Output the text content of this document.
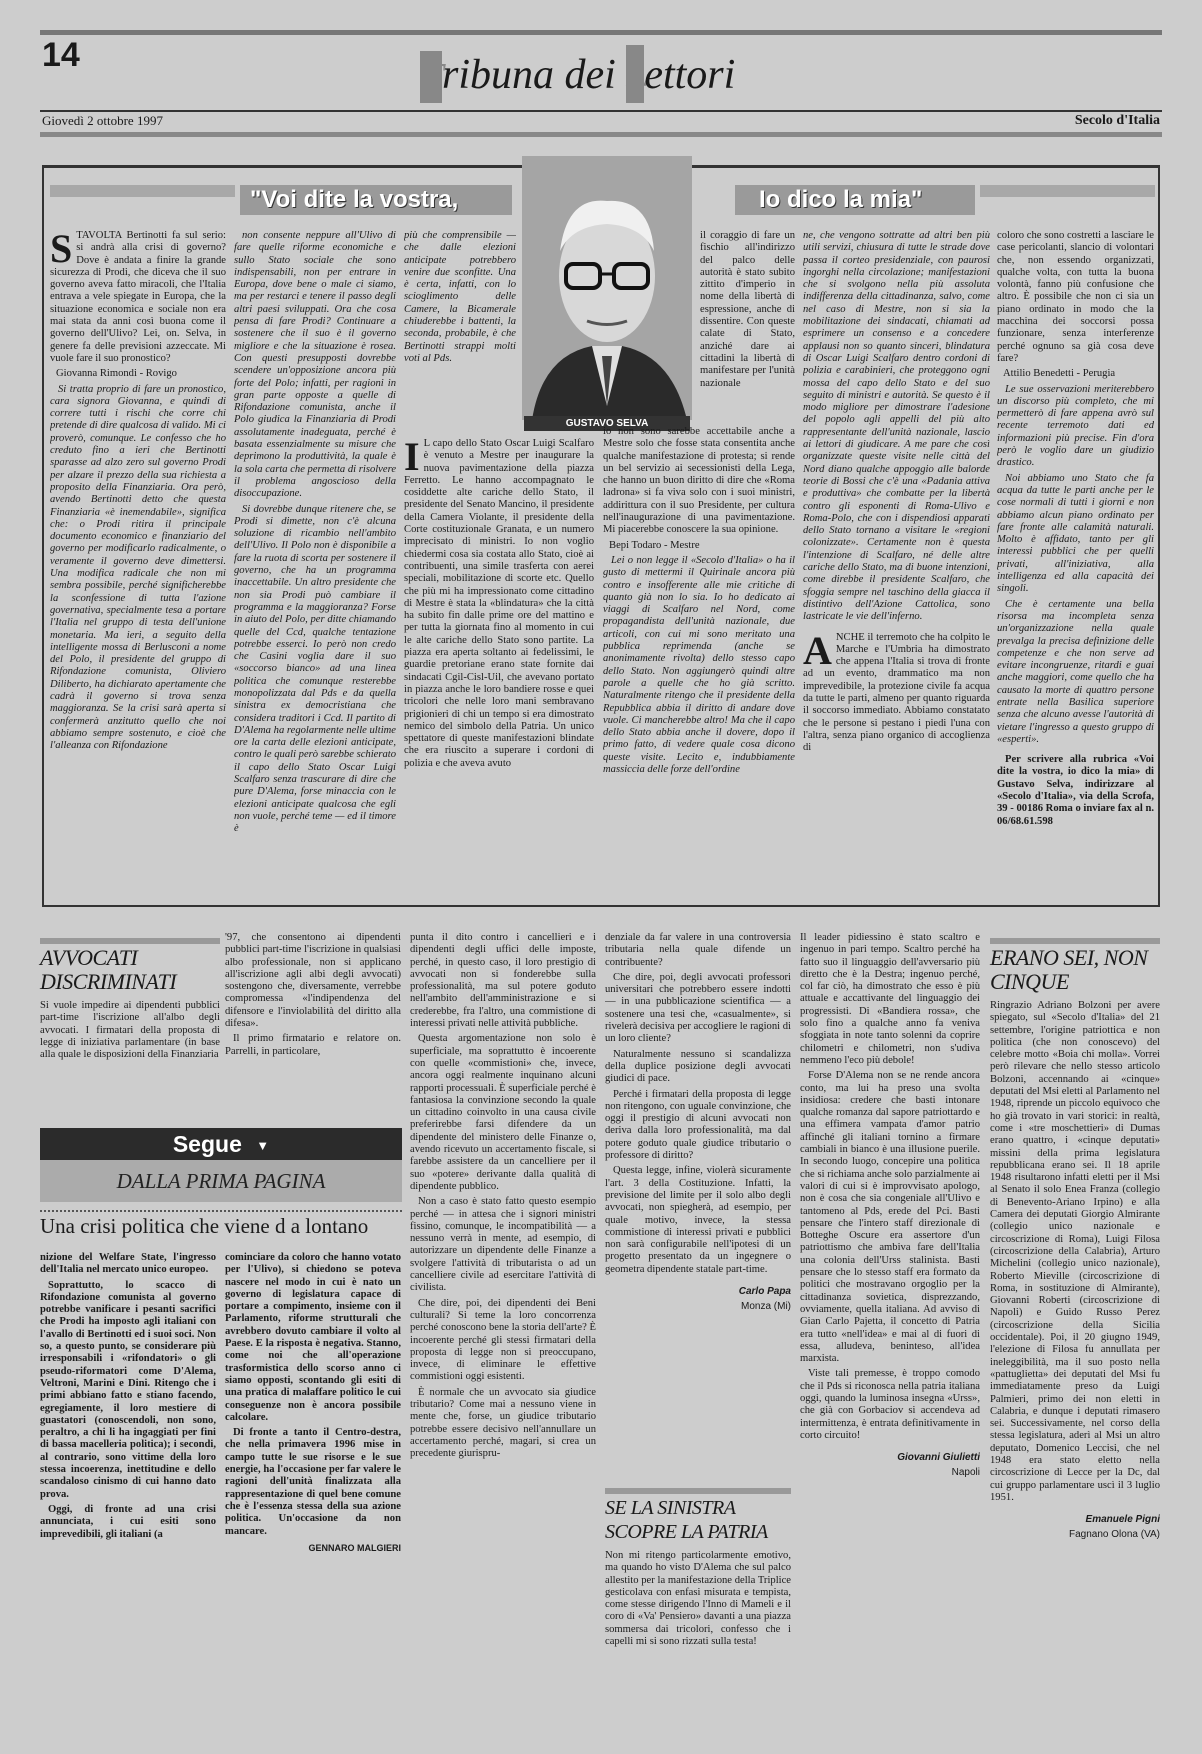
14
Tribuna dei Lettori
Giovedì 2 ottobre 1997	Secolo d'Italia
"Voi dite la vostra,	Io dico la mia"
GUSTAVO SELVA

STAVOLTA Bertinotti fa sul serio: si andrà alla crisi di governo? Dove è andata a finire la grande sicurezza di Prodi, che diceva che il suo governo aveva fatto miracoli, che l'Italia entrava a vele spiegate in Europa, che la situazione economica e sociale non era mai stata da anni così buona come il governo dell'Ulivo? Lei, on. Selva, in genere fa delle previsioni azzeccate. Mi vuole fare il suo pronostico?

Giovanna Rimondi - Rovigo

Si tratta proprio di fare un pronostico, cara signora Giovanna, e quindi di correre tutti i rischi che corre chi pretende di dire qualcosa di valido. Mi ci proverò, comunque. Le confesso che ho creduto fino a ieri che Bertinotti sparasse ad alzo zero sul governo Prodi per alzare il prezzo della sua richiesta a proposito della Finanziaria. Ora però, avendo Bertinotti detto che questa Finanziaria «è inemendabile», significa che: o Prodi ritira il principale documento economico e finanziario del governo per modificarlo radicalmente, o veramente il governo deve dimettersi. Una modifica radicale che non mi sembra possibile, perché significherebbe la sconfessione di tutta l'azione governativa, specialmente tesa a portare l'Italia nel gruppo di testa dell'unione monetaria. Ma ieri, a seguito della intelligente mossa di Berlusconi a nome del Polo, il presidente del gruppo di Rifondazione comunista, Oliviero Diliberto, ha dichiarato apertamente che cadrà il governo si trova senza maggioranza. Se la crisi sarà aperta si confermerà anzitutto quello che noi abbiamo sempre sostenuto, e cioè che l'alleanza con Rifondazione

non consente neppure all'Ulivo di fare quelle riforme economiche e sullo Stato sociale che sono indispensabili, non per entrare in Europa, dove bene o male ci siamo, ma per restarci e tenere il passo degli altri paesi sviluppati. Ora che cosa pensa di fare Prodi? Continuare a sostenere che il suo è il governo migliore e che la situazione è rosea. Con questi presupposti dovrebbe scendere un'opposizione ancora più forte del Polo; infatti, per ragioni in gran parte opposte a quelle di Rifondazione comunista, anche il Polo giudica la Finanziaria di Prodi assolutamente inadeguata, perché è basata essenzialmente su misure che deprimono la produttività, la quale è la sola carta che permetta di risolvere il problema angoscioso della disoccupazione.

Si dovrebbe dunque ritenere che, se Prodi si dimette, non c'è alcuna soluzione di ricambio nell'ambito dell'Ulivo. Il Polo non è disponibile a fare la ruota di scorta per sostenere il governo, che ha un programma inaccettabile. Un altro presidente che non sia Prodi può cambiare il programma e la maggioranza? Forse in aiuto del Polo, per ditte chiamando quelle del Ccd, qualche tentazione potrebbe esserci. Io però non credo che Casini voglia dare il suo «soccorso bianco» ad una linea politica che comunque resterebbe monopolizzata dal Pds e da quella sinistra ex democristiana che considera traditori i Ccd. Il partito di D'Alema ha regolarmente nelle ultime ore la carta delle elezioni anticipate, contro le quali però sarebbe schierato il capo dello Stato Oscar Luigi Scalfaro senza trascurare di dire che pure D'Alema, forse minaccia con le elezioni anticipate qualcosa che egli non vuole, perché teme — ed il timore è

più che comprensibile — che dalle elezioni anticipate potrebbero venire due sconfitte. Una è certa, infatti, con lo scioglimento delle Camere, la Bicamerale chiuderebbe i battenti, la seconda, probabile, è che Bertinotti strappi molti voti al Pds.

I L capo dello Stato Oscar Luigi Scalfaro è venuto a Mestre per inaugurare la nuova pavimentazione della piazza Ferretto. Le hanno accompagnato le cosiddette alte cariche dello Stato, il presidente del Senato Mancino, il presidente della Camera Violante, il presidente della Corte costituzionale Granata, e un numero imprecisato di ministri. Io non voglio chiedermi cosa sia costata allo Stato, cioè ai contribuenti, una simile trasferta con aerei speciali, mobilitazione di scorte etc. Quello che più mi ha impressionato come cittadino di Mestre è stata la «blindatura» che la città ha subito fin dalle prime ore del mattino e per tutta la giornata fino al momento in cui le alte cariche dello Stato sono partite. La piazza era aperta soltanto ai fedelissimi, le guardie pretoriane erano state fornite dai sindacati Cgil-Cisl-Uil, che avevano portato in piazza anche le loro bandiere rosse e quei tricolori che nelle loro mani sembravano prigionieri di chi un tempo si era dimostrato nemico del simbolo della Patria. Un unico spettatore di queste manifestazioni blindate che era riuscito a superare i cordoni di polizia e che aveva avuto

il coraggio di fare un fischio all'indirizzo del palco delle autorità è stato subito zittito d'imperio in nome della libertà di espressione, anche di dissentire. Con queste calate di Stato, anziché dare ai cittadini la libertà di manifestare per l'unità nazionale

io non sono sarebbe accettabile anche a Mestre solo che fosse stata consentita anche qualche manifestazione di protesta; si rende un bel servizio ai secessionisti della Lega, che hanno un buon diritto di dire che «Roma ladrona» si fa viva solo con i suoi ministri, addirittura con il suo Presidente, per cultura nell'inaugurazione di una pavimentazione. Mi piacerebbe conoscere la sua opinione.

Bepi Todaro - Mestre

Lei o non legge il «Secolo d'Italia» o ha il gusto di mettermi il Quirinale ancora più contro e insofferente alle mie critiche di quanto già non lo sia. Io ho dedicato ai viaggi di Scalfaro nel Nord, come propagandista dell'unità nazionale, due articoli, con cui mi sono meritato una pubblica reprimenda (anche se anonimamente rivolta) dello stesso capo dello Stato. Non aggiungerò quindi altre parole a quelle che ho già scritto. Naturalmente ritengo che il presidente della Repubblica abbia il diritto di andare dove vuole. Ci mancherebbe altro! Ma che il capo dello Stato abbia anche il dovere, dopo il primo fatto, di vedere quale cosa dicono queste visite. Lecito e, indubbiamente massiccia delle forze dell'ordine

ne, che vengono sottratte ad altri ben più utili servizi, chiusura di tutte le strade dove passa il corteo presidenziale, con paurosi ingorghi nella circolazione; manifestazioni che si svolgono nella più assoluta indifferenza della cittadinanza, salvo, come nel caso di Mestre, non si sia la mobilitazione dei sindacati, chiamati ad esprimere un consenso e a concedere applausi non so quanto sinceri, blindatura di Oscar Luigi Scalfaro dentro cordoni di polizia e carabinieri, che proteggono ogni mossa del capo dello Stato e del suo seguito di ministri e autorità. Se questo è il modo migliore per dimostrare l'adesione del popolo agli appelli del più alto rappresentante dell'unità nazionale, lascio ai lettori di giudicare. A me pare che così organizzate queste visite nelle città del Nord diano qualche appoggio alle balorde teorie di Bossi che c'è una «Padania attiva e produttiva» che combatte per la libertà contro gli esponenti di Roma-Ulivo e Roma-Polo, che con i dispendiosi apparati dello Stato tornano a visitare le «regioni colonizzate». Certamente non è questa l'intenzione di Scalfaro, né delle altre cariche dello Stato, ma di buone intenzioni, come direbbe il presidente Scalfaro, che sfoggia sempre nel taschino della giacca il distintivo dell'Azione Cattolica, sono lastricate le vie dell'inferno.

ANCHE il terremoto che ha colpito le Marche e l'Umbria ha dimostrato che appena l'Italia si trova di fronte ad un evento, drammatico ma non imprevedibile, la protezione civile fa acqua da tutte le parti, almeno per quanto riguarda il soccorso immediato. Abbiamo constatato che le persone si pestano i piedi l'una con l'altra, senza piano organico di accoglienza di

coloro che sono costretti a lasciare le case pericolanti, slancio di volontari che, non essendo organizzati, qualche volta, con tutta la buona volontà, fanno più confusione che altro. È possibile che non ci sia un piano ordinato in modo che la macchina dei soccorsi possa funzionare, senza interferenze perché ognuno sa già cosa deve fare?

Attilio Benedetti - Perugia

Le sue osservazioni meriterebbero un discorso più completo, che mi permetterò di fare appena avrò sul recente terremoto dati ed informazioni più precise. Fin d'ora però le voglio dare un giudizio drastico.

Noi abbiamo uno Stato che fa acqua da tutte le parti anche per le cose normali di tutti i giorni e non abbiamo alcun piano ordinato per fare fronte alle calamità naturali. Molto è affidato, tanto per gli interessi pubblici che per quelli privati, all'iniziativa, alla intelligenza ed alla capacità dei singoli.

Che è certamente una bella risorsa ma incompleta senza un'organizzazione nella quale prevalga la precisa definizione delle competenze e che non serve ad evitare incongruenze, ritardi e guai anche maggiori, come quello che ha causato la morte di quattro persone entrate nella Basilica superiore senza che alcuno avesse l'autorità di vietare l'ingresso a questo gruppo di «esperti».

Per scrivere alla rubrica «Voi dite la vostra, io dico la mia» di Gustavo Selva, indirizzare al «Secolo d'Italia», via della Scrofa, 39 - 00186 Roma o inviare fax al n. 06/68.61.598

AVVOCATI DISCRIMINATI

Si vuole impedire ai dipendenti pubblici part-time l'iscrizione all'albo degli avvocati. I firmatari della proposta di legge di iniziativa parlamentare (in base alla quale le disposizioni della Finanziaria

'97, che consentono ai dipendenti pubblici part-time l'iscrizione in qualsiasi albo professionale, non si applicano all'iscrizione agli albi degli avvocati) sostengono che, diversamente, verrebbe compromessa «l'indipendenza del difensore e l'inviolabilità del diritto alla difesa».

Il primo firmatario e relatore on. Parrelli, in particolare,

Segue ▼
DALLA PRIMA PAGINA
Una crisi politica che viene d a lontano

nizione del Welfare State, l'ingresso dell'Italia nel mercato unico europeo.

Soprattutto, lo scacco di Rifondazione comunista al governo potrebbe vanificare i pesanti sacrifici che Prodi ha imposto agli italiani con l'avallo di Bertinotti ed i suoi soci. Non so, a questo punto, se considerare più irresponsabili i «rifondatori» o gli pseudo-riformatori come D'Alema, Veltroni, Marini e Dini. Ritengo che i primi abbiano fatto e stiano facendo, egregiamente, il loro mestiere di guastatori (conoscendoli, non sono, peraltro, a chi li ha ingaggiati per fini di bassa macelleria politica); i secondi, al contrario, sono vittime della loro stessa incoerenza, inettitudine e dello scandaloso cinismo di cui hanno dato prova.

Oggi, di fronte ad una crisi annunciata, i cui esiti sono imprevedibili, gli italiani (a

cominciare da coloro che hanno votato per l'Ulivo), si chiedono se poteva nascere nel modo in cui è nato un governo di legislatura capace di portare a compimento, insieme con il Parlamento, riforme strutturali che avrebbero dovuto cambiare il volto al Paese. E la risposta è negativa. Stanno, come noi che all'operazione trasformistica dello scorso anno ci siamo opposti, scontando gli esiti di una pratica di malaffare politico le cui conseguenze non è ancora possibile calcolare.

Di fronte a tanto il Centro-destra, che nella primavera 1996 mise in campo tutte le sue risorse e le sue energie, ha l'occasione per far valere le ragioni dell'unità finalizzata alla rappresentazione di quel bene comune che è l'essenza stessa della sua azione politica. Un'occasione da non mancare.

GENNARO MALGIERI

punta il dito contro i cancellieri e i dipendenti degli uffici delle imposte, perché, in questo caso, il loro prestigio di avvocati non si fonderebbe sulla professionalità, ma sul potere goduto nell'ambito dell'amministrazione e si crederebbe, fra l'altro, una commistione di interessi privati nelle attività pubbliche.

Questa argomentazione non solo è superficiale, ma soprattutto è incoerente con quelle «commistioni» che, invece, ancora oggi realmente inquinano alcuni rapporti processuali. È superficiale perché è fantasiosa la convinzione secondo la quale un cittadino coinvolto in una causa civile preferirebbe farsi difendere da un dipendente del ministero delle Finanze o, avendo ricevuto un accertamento fiscale, si farebbe assistere da un cancelliere per il suo «potere» derivante dalla qualità di dipendente pubblico.

Non a caso è stato fatto questo esempio perché — in attesa che i signori ministri fissino, comunque, le incompatibilità — a nessuno verrà in mente, ad esempio, di autorizzare un dipendente delle Finanze a svolgere l'attività di tributarista o ad un cancelliere civile ad esercitare l'attività di civilista.

Che dire, poi, dei dipendenti dei Beni culturali? Si teme la loro concorrenza perché conoscono bene la storia dell'arte? È incoerente perché gli stessi firmatari della proposta di legge non si preoccupano, invece, di eliminare le effettive commistioni oggi esistenti.

È normale che un avvocato sia giudice tributario? Come mai a nessuno viene in mente che, forse, un giudice tributario potrebbe essere decisivo nell'annullare un accertamento perché, magari, si crea un precedente giurispru-

denziale da far valere in una controversia tributaria nella quale difende un contribuente?

Che dire, poi, degli avvocati professori universitari che potrebbero essere indotti — in una pubblicazione scientifica — a sostenere una tesi che, «casualmente», si rivelerà decisiva per accogliere le ragioni di un loro cliente?

Naturalmente nessuno si scandalizza della duplice posizione degli avvocati giudici di pace.

Perché i firmatari della proposta di legge non ritengono, con uguale convinzione, che oggi il prestigio di alcuni avvocati non deriva dalla loro professionalità, ma dal potere goduto quale giudice tributario o professore di diritto?

Questa legge, infine, violerà sicuramente l'art. 3 della Costituzione. Infatti, la previsione del limite per il solo albo degli avvocati, non spiegherà, ad esempio, per quale motivo, invece, la stessa commistione di interessi privati e pubblici non sarà configurabile nell'ipotesi di un progetto presentato da un ingegnere o geometra dipendente statale part-time.

Carlo Papa

Monza (Mi)

SE LA SINISTRA SCOPRE LA PATRIA

Non mi ritengo particolarmente emotivo, ma quando ho visto D'Alema che sul palco allestito per la manifestazione della Triplice gesticolava con enfasi misurata e tempista, come stesse dirigendo l'Inno di Mameli e il coro di «Va' Pensiero» davanti a una piazza sommersa dai tricolori, confesso che i capelli mi si sono rizzati sulla testa!

Il leader pidiessino è stato scaltro e ingenuo in pari tempo. Scaltro perché ha fatto suo il linguaggio dell'avversario più diretto che è la Destra; ingenuo perché, col far ciò, ha dimostrato che esso è più attuale e accattivante del linguaggio dei progressisti. Di «Bandiera rossa», che solo fino a qualche anno fa veniva sfoggiata in note tanto solenni da coprire chilometri e chilometri, non s'udiva nemmeno l'eco più debole!

Forse D'Alema non se ne rende ancora conto, ma lui ha preso una svolta insidiosa: credere che basti intonare qualche romanza dal sapore patriottardo e una effimera vampata d'amor patrio affinché gli italiani tornino a firmare cambiali in bianco è una illusione puerile. In secondo luogo, concepire una politica che si richiama anche solo parzialmente ai valori di cui si è improvvisato apologo, non è cosa che sia congeniale all'Ulivo e tantomeno al Pds, erede del Pci. Basti pensare che l'intero staff direzionale di Botteghe Oscure era assertore d'un patriottismo che ambiva fare dell'Italia una colonia dell'Urss stalinista. Basti pensare che lo stesso staff era formato da politici che mostravano orgoglio per la cittadinanza sovietica, disprezzando, ovviamente, quella italiana. Ad avviso di Gian Carlo Pajetta, il concetto di Patria era tutto «nell'idea» e mai al di fuori di essa, alludeva, beninteso, all'idea marxista.

Viste tali premesse, è troppo comodo che il Pds si riconosca nella patria italiana oggi, quando la luminosa insegna «Urss», che già con Gorbaciov si accendeva ad intermittenza, è entrata definitivamente in corto circuito!

Giovanni Giulietti

Napoli

ERANO SEI, NON CINQUE

Ringrazio Adriano Bolzoni per avere spiegato, sul «Secolo d'Italia» del 21 settembre, l'origine patriottica e non politica (che non conoscevo) del celebre motto «Boia chi molla». Vorrei però rilevare che nello stesso articolo Bolzoni, accennando ai «cinque» deputati del Msi eletti al Parlamento nel 1948, riprende un piccolo equivoco che ho già trovato in vari storici: in realtà, come i «tre moschettieri» di Dumas erano quattro, i «cinque deputati» missini della prima legislatura repubblicana erano sei. Il 18 aprile 1948 risultarono infatti eletti per il Msi al Senato il solo Enea Franza (collegio di Benevento-Ariano Irpino) e alla Camera dei deputati Giorgio Almirante (collegio unico nazionale e circoscrizione di Roma), Luigi Filosa (circoscrizione della Calabria), Arturo Michelini (collegio unico nazionale), Roberto Mieville (circoscrizione di Roma, in sostituzione di Almirante), Giovanni Roberti (circoscrizione di Napoli) e Guido Russo Perez (circoscrizione della Sicilia occidentale). Poi, il 20 giugno 1949, l'elezione di Filosa fu annullata per ineleggibilità, ma il suo posto nella «pattuglietta» dei deputati del Msi fu immediatamente preso da Luigi Palmieri, primo dei non eletti in Calabria, e dunque i deputati rimasero sei. Successivamente, nel corso della stessa legislatura, aderì al Msi un altro deputato, Domenico Leccisi, che nel 1948 era stato eletto nella circoscrizione di Lecce per la Dc, dal cui gruppo parlamentare uscì il 3 luglio 1951.

Emanuele Pigni

Fagnano Olona (VA)
